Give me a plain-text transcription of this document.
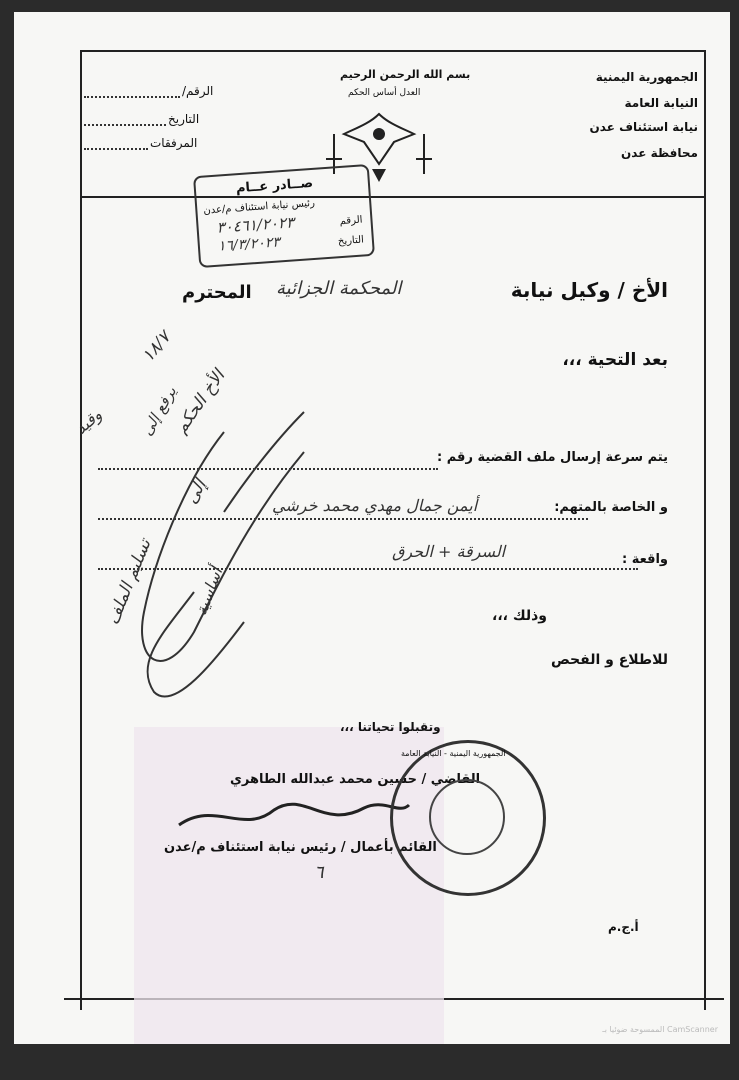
الجمهورية اليمنية
النيابة العامة
نيابة استئناف عدن
محافظة عدن
بسم الله الرحمن الرحيم
العدل أساس الحكم
الرقم/
التاريخ
المرفقات
صــادر عــام
رئيس نيابة استئناف م/عدن
الرقم
٣٠٤٦١/٢٠٢٣
التاريخ
١٦/٣/٢٠٢٣
الأخ / وكيل نيابة
المحكمة الجزائية
المحترم
بعد التحية ،،،
يتم سرعة إرسال ملف القضية رقم :
و الخاصة بالمتهم:
أيمن جمال مهدي محمد خرشي
واقعة :
السرقة + الحرق
وذلك ،،،
للاطلاع و الفحص
١٨/٧
الأخ الحكم
يرفع إلى
وقيد
تسليم الملف
إلى
أساسية
وتقبلوا تحياتنا ،،،
القاضي / حسين محمد عبدالله الطاهري
القائم بأعمال / رئيس نيابة استئناف م/عدن
٦
الجمهورية اليمنية - النيابة العامة
أ.ج.م
الممسوحة ضوئيا بـ CamScanner
